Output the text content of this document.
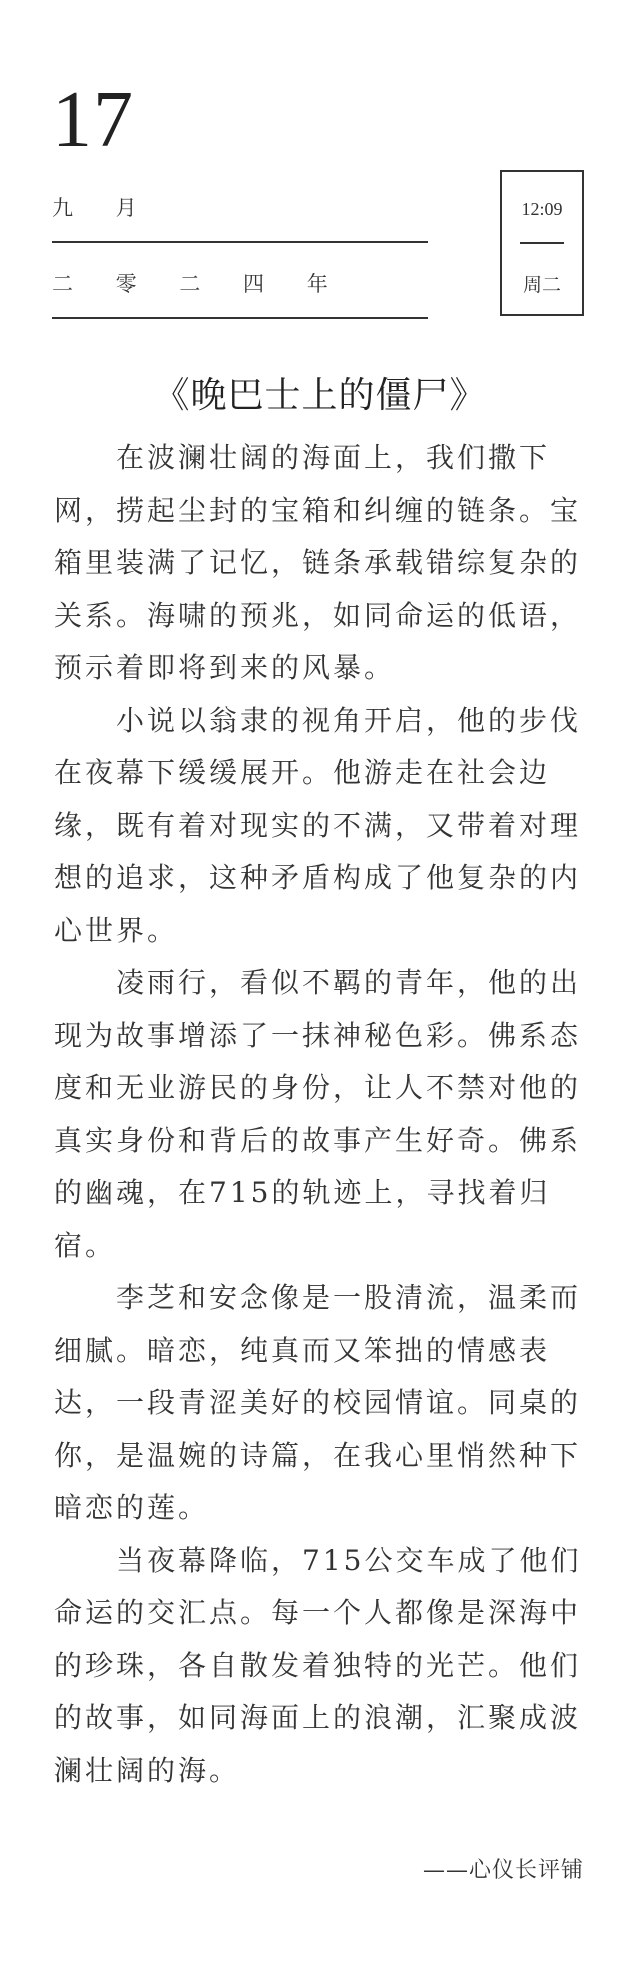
17
九 月
二 零 二 四 年
12:09
周二
《晚巴士上的僵尸》

在波澜壮阔的海面上，我们撒下网，捞起尘封的宝箱和纠缠的链条。宝箱里装满了记忆，链条承载错综复杂的关系。海啸的预兆，如同命运的低语，预示着即将到来的风暴。

小说以翁隶的视角开启，他的步伐在夜幕下缓缓展开。他游走在社会边缘，既有着对现实的不满，又带着对理想的追求，这种矛盾构成了他复杂的内心世界。

凌雨行，看似不羁的青年，他的出现为故事增添了一抹神秘色彩。佛系态度和无业游民的身份，让人不禁对他的真实身份和背后的故事产生好奇。佛系的幽魂，在715的轨迹上，寻找着归宿。

李芝和安念像是一股清流，温柔而细腻。暗恋，纯真而又笨拙的情感表达，一段青涩美好的校园情谊。同桌的你，是温婉的诗篇，在我心里悄然种下暗恋的莲。

当夜幕降临，715公交车成了他们命运的交汇点。每一个人都像是深海中的珍珠，各自散发着独特的光芒。他们的故事，如同海面上的浪潮，汇聚成波澜壮阔的海。

——心仪长评铺
